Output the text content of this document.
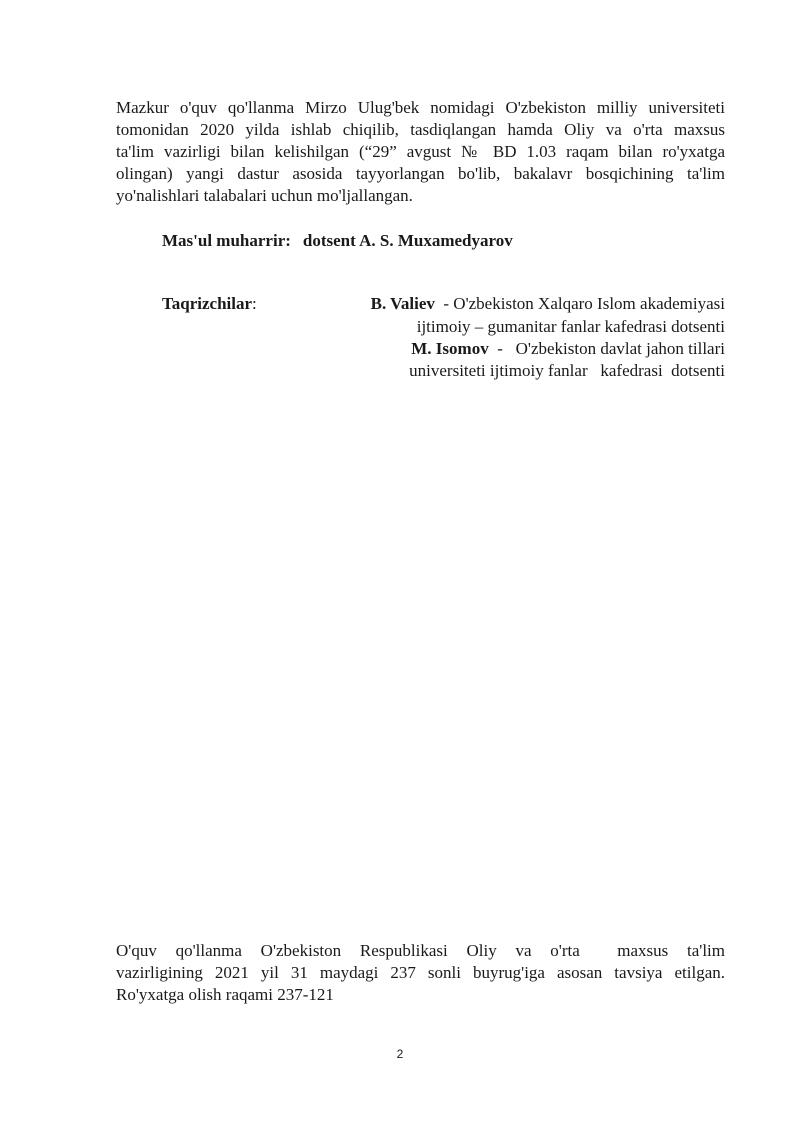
Mazkur o'quv qo'llanma Mirzo Ulug'bek nomidagi O'zbekiston milliy universiteti
tomonidan 2020 yilda ishlab chiqilib, tasdiqlangan hamda Oliy va o'rta maxsus
ta'lim vazirligi bilan kelishilgan (“29” avgust № BD 1.03 raqam bilan ro'yxatga
olingan) yangi dastur asosida tayyorlangan bo'lib, bakalavr bosqichining ta'lim
yo'nalishlari talabalari uchun mo'ljallangan.

Mas'ul muharrir: dotsent A. S. Muxamedyarov
Taqrizchilar:	B. Valiev  - O'zbekiston Xalqaro Islom akademiyasi
ijtimoiy – gumanitar fanlar kafedrasi dotsenti
M. Isomov  -   O'zbekiston davlat jahon tillari
universiteti ijtimoiy fanlar   kafedrasi  dotsenti

O'quv qo'llanma O'zbekiston Respublikasi Oliy va o'rta  maxsus ta'lim
vazirligining 2021 yil 31 maydagi 237 sonli buyrug'iga asosan tavsiya etilgan.
Ro'yxatga olish raqami 237-121

2
